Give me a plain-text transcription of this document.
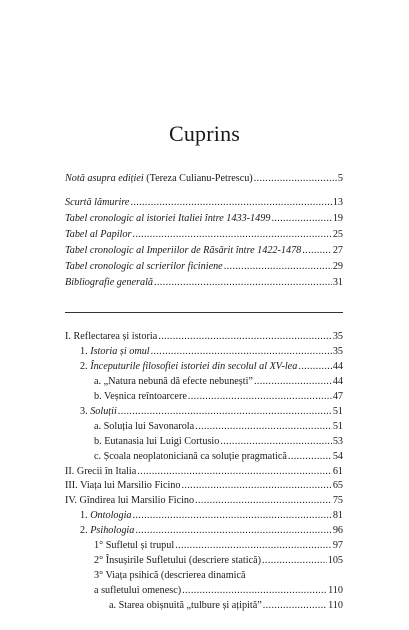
Cuprins
Notă asupra ediției (Tereza Culianu-Petrescu) . . .	5
Scurtă lămurire . . .	13
Tabel cronologic al istoriei Italiei între 1433-1499 . . .	19
Tabel al Papilor . . .	25
Tabel cronologic al Imperiilor de Răsărit între 1422-1478 . . .	27
Tabel cronologic al scrierilor ficiniene . . .	29
Bibliografie generală . . .	31
I. Reflectarea și istoria . . .	35
1. Istoria și omul . . .	35
2. Începuturile filosofiei istoriei din secolul al XV-lea . . .	44
a. „Natura nebună dă efecte nebunești” . . .	44
b. Veșnica reîntoarcere . . .	47
3. Soluții . . .	51
a. Soluția lui Savonarola . . .	51
b. Eutanasia lui Luigi Cortusio . . .	53
c. Școala neoplatoniciană ca soluție pragmatică . . .	54
II. Grecii în Italia . . .	61
III. Viața lui Marsilio Ficino . . .	65
IV. Gîndirea lui Marsilio Ficino . . .	75
1. Ontologia . . .	81
2. Psihologia . . .	96
1° Sufletul și trupul . . .	97
2° Însușirile Sufletului (descriere statică) . . .	105
3° Viața psihică (descrierea dinamică
a sufletului omenesc) . . .	110
a. Starea obișnuită „tulbure și ațipită” . . .	110
